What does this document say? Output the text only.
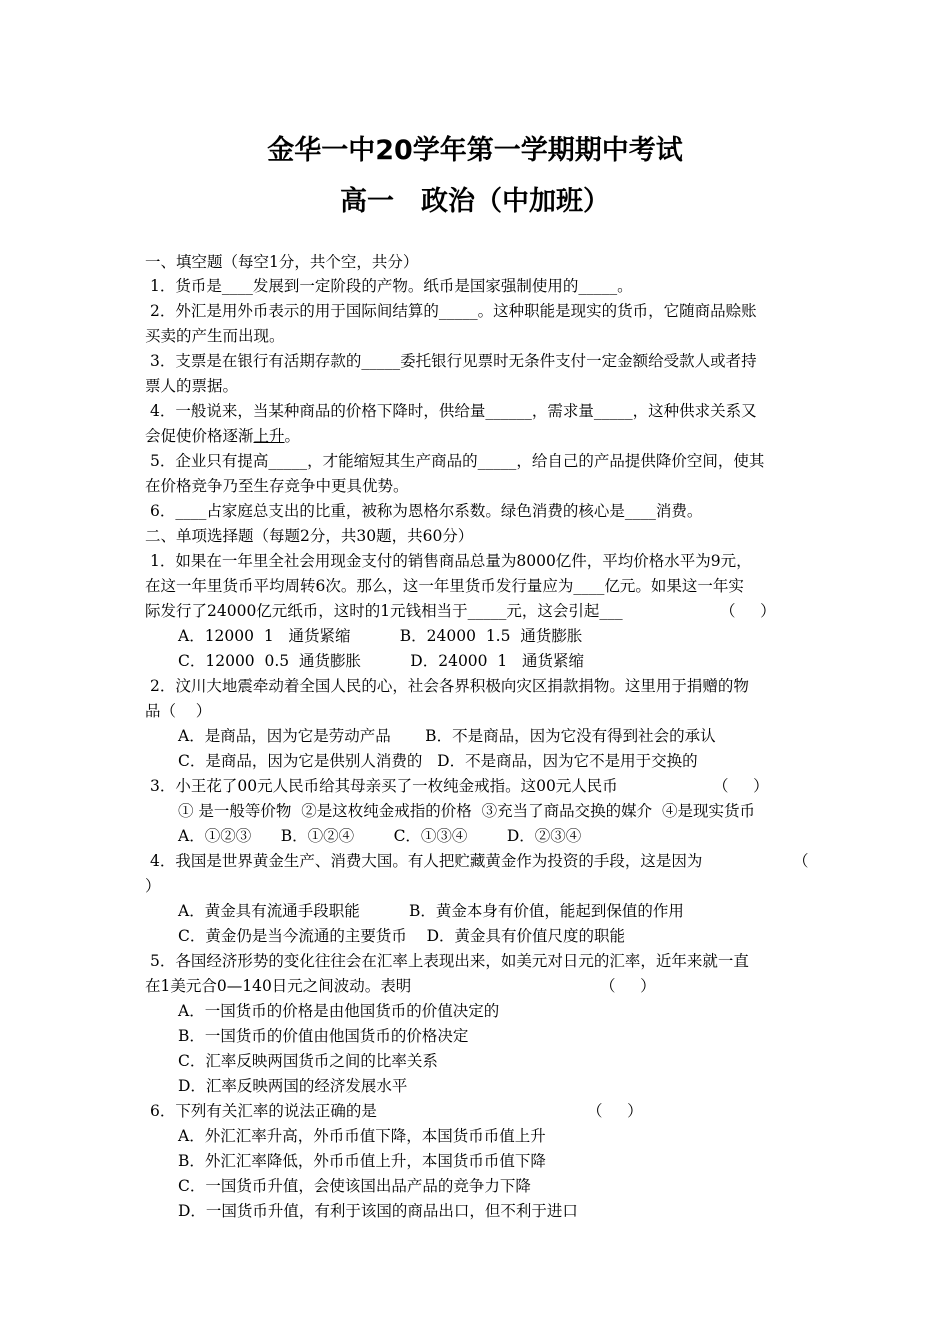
金华一中20学年第一学期期中考试
高一　政治（中加班）
一、填空题（每空1分，共个空，共分）
1．货币是____发展到一定阶段的产物。纸币是国家强制使用的_____。
2．外汇是用外币表示的用于国际间结算的_____。这种职能是现实的货币，它随商品赊账
买卖的产生而出现。
3．支票是在银行有活期存款的_____委托银行见票时无条件支付一定金额给受款人或者持
票人的票据。
4．一般说来，当某种商品的价格下降时，供给量______，需求量_____，这种供求关系又
会促使价格逐渐上升。
5．企业只有提高_____，才能缩短其生产商品的_____，给自己的产品提供降价空间，使其
在价格竞争乃至生存竞争中更具优势。
6．____占家庭总支出的比重，被称为恩格尔系数。绿色消费的核心是____消费。
二、单项选择题（每题2分，共30题，共60分）
1．如果在一年里全社会用现金支付的销售商品总量为8000亿件，平均价格水平为9元，
在这一年里货币平均周转6次。那么，这一年里货币发行量应为____亿元。如果这一年实
际发行了24000亿元纸币，这时的1元钱相当于_____元，这会引起___	（     ）
A．12000  1   通货紧缩          B．24000  1.5  通货膨胀
C．12000  0.5  通货膨胀          D．24000  1   通货紧缩
2．汶川大地震牵动着全国人民的心，社会各界积极向灾区捐款捐物。这里用于捐赠的物
品（    ）
A．是商品，因为它是劳动产品       B．不是商品，因为它没有得到社会的承认
C．是商品，因为它是供别人消费的   D．不是商品，因为它不是用于交换的
3．小王花了00元人民币给其母亲买了一枚纯金戒指。这00元人民币	（     ）
① 是一般等价物  ②是这枚纯金戒指的价格  ③充当了商品交换的媒介  ④是现实货币
A．①②③      B．①②④        C．①③④        D．②③④
4．我国是世界黄金生产、消费大国。有人把贮藏黄金作为投资的手段，这是因为	（
）
A．黄金具有流通手段职能          B．黄金本身有价值，能起到保值的作用
C．黄金仍是当今流通的主要货币    D．黄金具有价值尺度的职能
5．各国经济形势的变化往往会在汇率上表现出来，如美元对日元的汇率，近年来就一直
在1美元合0—140日元之间波动。表明	（     ）
A．一国货币的价格是由他国货币的价值决定的
B．一国货币的价值由他国货币的价格决定
C．汇率反映两国货币之间的比率关系
D．汇率反映两国的经济发展水平
6．下列有关汇率的说法正确的是	（     ）
A．外汇汇率升高，外币币值下降，本国货币币值上升
B．外汇汇率降低，外币币值上升，本国货币币值下降
C．一国货币升值，会使该国出品产品的竞争力下降
D．一国货币升值，有利于该国的商品出口，但不利于进口
